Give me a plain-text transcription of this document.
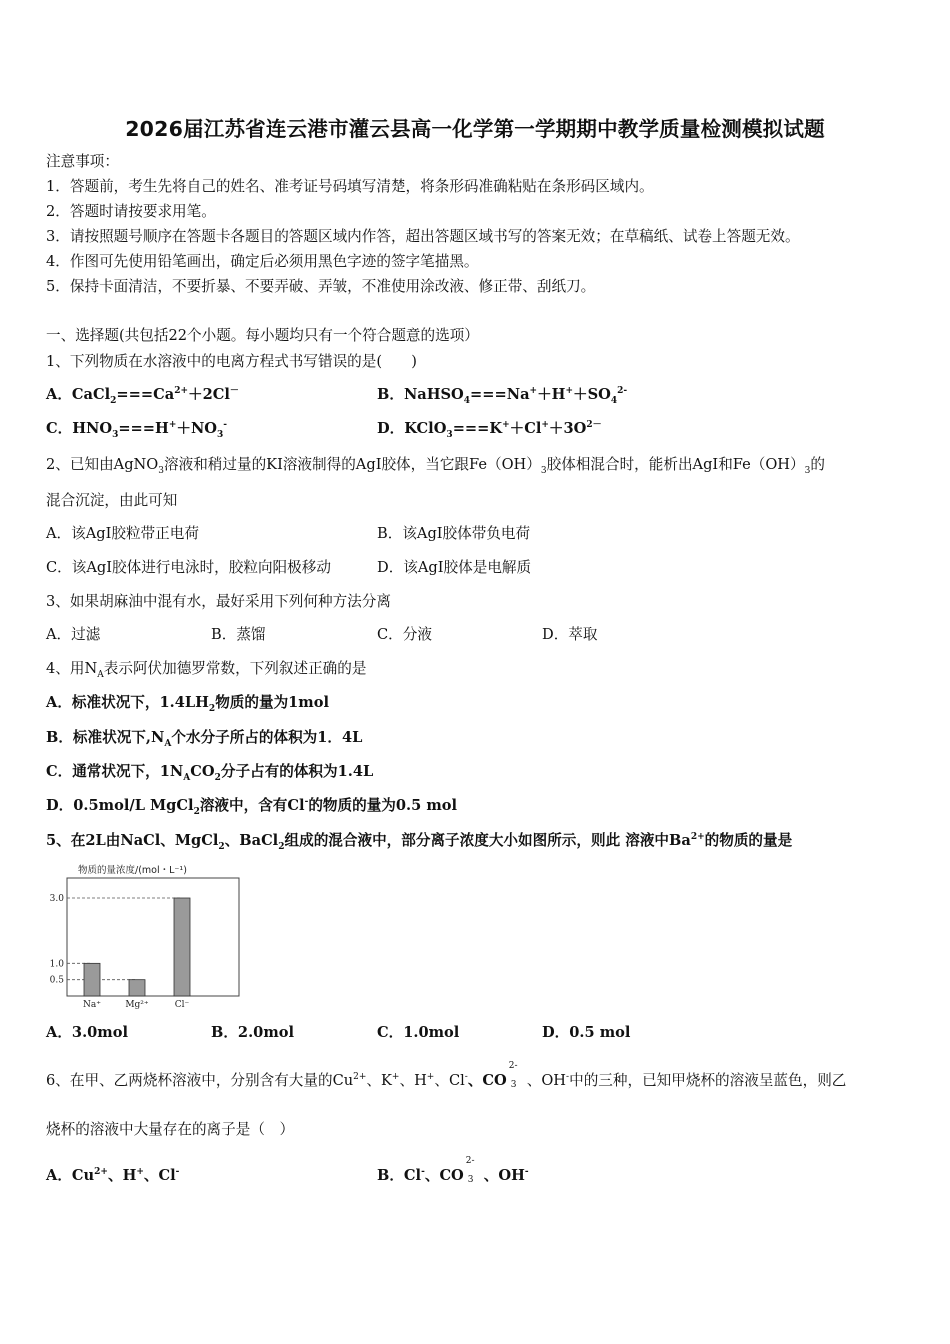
2026届江苏省连云港市灌云县高一化学第一学期期中教学质量检测模拟试题
注意事项：
1．答题前，考生先将自己的姓名、准考证号码填写清楚，将条形码准确粘贴在条形码区域内。
2．答题时请按要求用笔。
3．请按照题号顺序在答题卡各题目的答题区域内作答，超出答题区域书写的答案无效；在草稿纸、试卷上答题无效。
4．作图可先使用铅笔画出，确定后必须用黑色字迹的签字笔描黑。
5．保持卡面清洁，不要折暴、不要弄破、弄皱，不准使用涂改液、修正带、刮纸刀。
一、选择题(共包括22个小题。每小题均只有一个符合题意的选项）
1、下列物质在水溶液中的电离方程式书写错误的是(　　)
A．$CaCl_2===Ca^{2+}+2Cl^-$	B．$NaHSO_4===Na^++H^++SO_4^{2-}$
C．$HNO_3===H^++NO_3^-$	D．$KClO_3===K^++Cl^++3O^{2-}$
2、已知由AgNO$_3$溶液和稍过量的KI溶液制得的AgI胶体，当它跟$Fe(OH)_3$胶体相混合时，能析出AgI和$Fe(OH)_3$的
混合沉淀，由此可知
A．该AgI胶粒带正电荷	B．该AgI胶体带负电荷
C．该AgI胶体进行电泳时，胶粒向阳极移动	D．该AgI胶体是电解质
3、如果胡麻油中混有水，最好采用下列何种方法分离
A．过滤	B．蒸馏	C．分液	D．萃取
4、用$N_A$表示阿伏加德罗常数，下列叙述正确的是
A．标准状况下，$1.4LH_2$物质的量为1mol
B．标准状况下$,N_A$个水分子所占的体积为1．4L
C．通常状况下，$1N_ACO_2$分子占有的体积为1.4L
D．0.5mol/L MgCl$_2$溶液中，含有Cl-的物质的量为0.5 mol
5、在2L由NaCl、MgCl$_2$、BaCl$_2$组成的混合液中，部分离子浓度大小如图所示，则此 溶液中$Ba^{2+}$的物质的量是
物质的量浓度/(mol・L⁻¹)
3.0
1.0
0.5
Na⁺	Mg²⁺	Cl⁻
A．3.0mol	B．2.0mol	C．1.0mol	D．0.5 mol
6、在甲、乙两烧杯溶液中，分别含有大量的$Cu^{2+}$、K+、H+、Cl-、CO
2-
3 、OH-中的三种，已知甲烧杯的溶液呈蓝色，则乙
烧杯的溶液中大量存在的离子是（　）
A．$Cu^{2+}$、H+、Cl-	B．Cl-、CO
2-
3 、OH-
